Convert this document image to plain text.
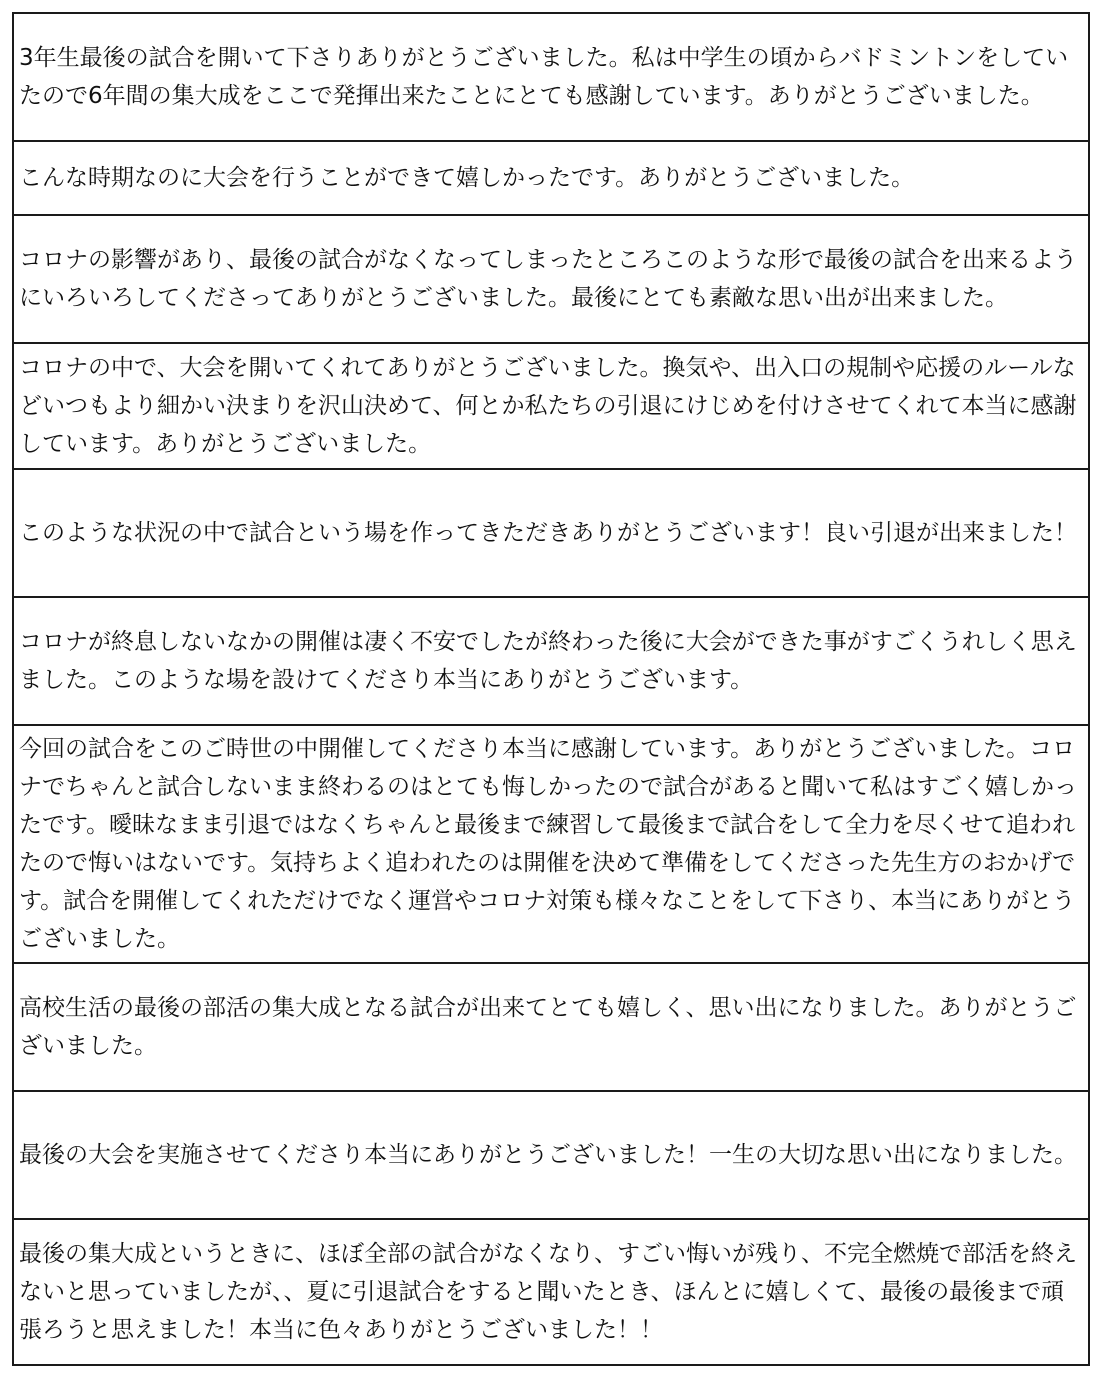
3年生最後の試合を開いて下さりありがとうございました。私は中学生の頃からバドミントンをしていたので6年間の集大成をここで発揮出来たことにとても感謝しています。ありがとうございました。
こんな時期なのに大会を行うことができて嬉しかったです。ありがとうございました。
コロナの影響があり、最後の試合がなくなってしまったところこのような形で最後の試合を出来るようにいろいろしてくださってありがとうございました。最後にとても素敵な思い出が出来ました。
コロナの中で、大会を開いてくれてありがとうございました。換気や、出入口の規制や応援のルールなどいつもより細かい決まりを沢山決めて、何とか私たちの引退にけじめを付けさせてくれて本当に感謝しています。ありがとうございました。
このような状況の中で試合という場を作ってきただきありがとうございます！良い引退が出来ました！
コロナが終息しないなかの開催は凄く不安でしたが終わった後に大会ができた事がすごくうれしく思えました。このような場を設けてくださり本当にありがとうございます。
今回の試合をこのご時世の中開催してくださり本当に感謝しています。ありがとうございました。コロナでちゃんと試合しないまま終わるのはとても悔しかったので試合があると聞いて私はすごく嬉しかったです。曖昧なまま引退ではなくちゃんと最後まで練習して最後まで試合をして全力を尽くせて追われたので悔いはないです。気持ちよく追われたのは開催を決めて準備をしてくださった先生方のおかげです。試合を開催してくれただけでなく運営やコロナ対策も様々なことをして下さり、本当にありがとうございました。
高校生活の最後の部活の集大成となる試合が出来てとても嬉しく、思い出になりました。ありがとうございました。
最後の大会を実施させてくださり本当にありがとうございました！一生の大切な思い出になりました。
最後の集大成というときに、ほぼ全部の試合がなくなり、すごい悔いが残り、不完全燃焼で部活を終えないと思っていましたが、、夏に引退試合をすると聞いたとき、ほんとに嬉しくて、最後の最後まで頑張ろうと思えました！本当に色々ありがとうございました！！
